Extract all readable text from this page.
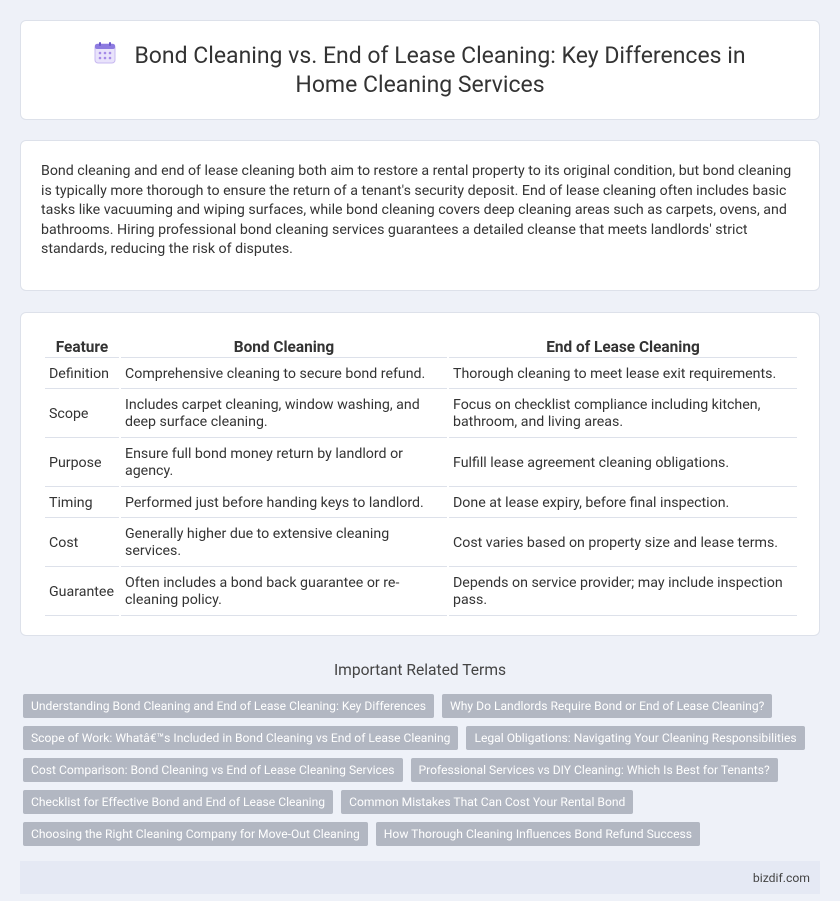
Bond Cleaning vs. End of Lease Cleaning: Key Differences in Home Cleaning Services

Bond cleaning and end of lease cleaning both aim to restore a rental property to its original condition, but bond cleaning is typically more thorough to ensure the return of a tenant's security deposit. End of lease cleaning often includes basic tasks like vacuuming and wiping surfaces, while bond cleaning covers deep cleaning areas such as carpets, ovens, and bathrooms. Hiring professional bond cleaning services guarantees a detailed cleanse that meets landlords' strict standards, reducing the risk of disputes.

Feature	Bond Cleaning	End of Lease Cleaning
Definition	Comprehensive cleaning to secure bond refund.	Thorough cleaning to meet lease exit requirements.
Scope	Includes carpet cleaning, window washing, and deep surface cleaning.	Focus on checklist compliance including kitchen, bathroom, and living areas.
Purpose	Ensure full bond money return by landlord or agency.	Fulfill lease agreement cleaning obligations.
Timing	Performed just before handing keys to landlord.	Done at lease expiry, before final inspection.
Cost	Generally higher due to extensive cleaning services.	Cost varies based on property size and lease terms.
Guarantee	Often includes a bond back guarantee or re-cleaning policy.	Depends on service provider; may include inspection pass.
Important Related Terms
Understanding Bond Cleaning and End of Lease Cleaning: Key Differences	Why Do Landlords Require Bond or End of Lease Cleaning?
Scope of Work: Whatâ€™s Included in Bond Cleaning vs End of Lease Cleaning	Legal Obligations: Navigating Your Cleaning Responsibilities
Cost Comparison: Bond Cleaning vs End of Lease Cleaning Services	Professional Services vs DIY Cleaning: Which Is Best for Tenants?
Checklist for Effective Bond and End of Lease Cleaning	Common Mistakes That Can Cost Your Rental Bond
Choosing the Right Cleaning Company for Move-Out Cleaning	How Thorough Cleaning Influences Bond Refund Success
bizdif.com
